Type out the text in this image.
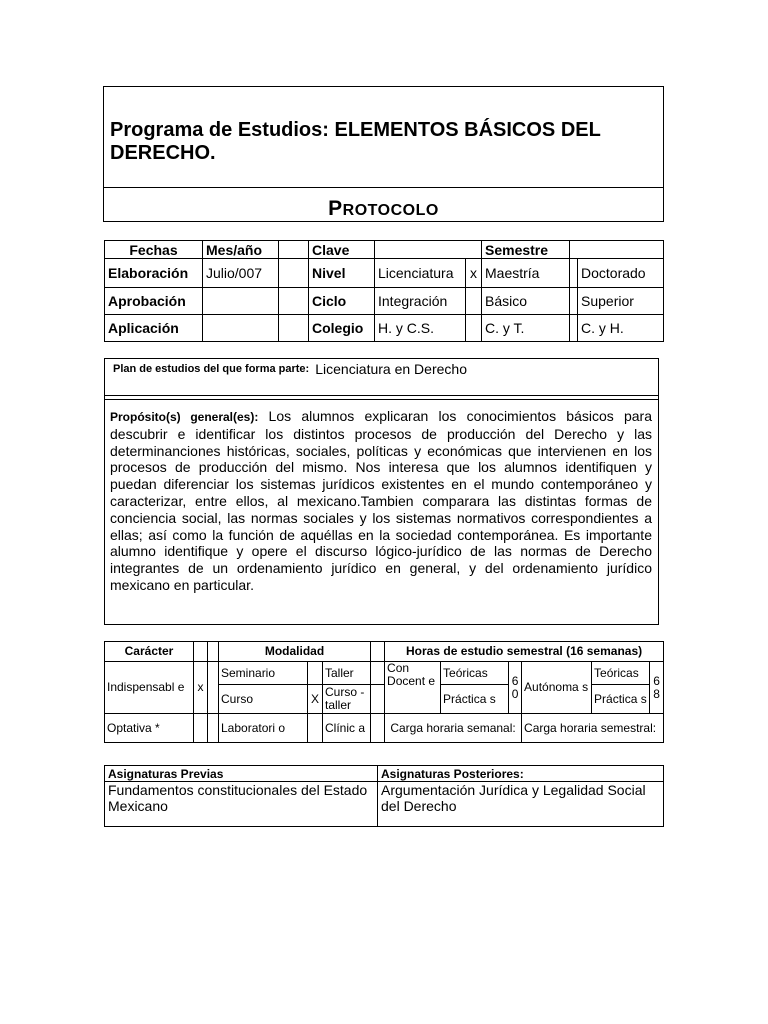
Programa de Estudios: ELEMENTOS BÁSICOS DEL DERECHO.
PROTOCOLO
Fechas	Mes/año		Clave			Semestre		
Elaboración	Julio/007		Nivel	Licenciatura	x	Maestría		Doctorado
Aprobación			Ciclo	Integración		Básico		Superior
Aplicación			Colegio	H. y C.S.		C. y T.		C. y H.
Plan de estudios del que forma parte: Licenciatura en Derecho
Propósito(s) general(es): Los alumnos explicaran los conocimientos básicos para descubrir e identificar los distintos procesos de producción del Derecho y las determinanciones históricas, sociales, políticas y económicas que intervienen en los procesos de producción del mismo. Nos interesa que los alumnos identifiquen y puedan diferenciar los sistemas jurídicos existentes en el mundo contemporáneo y caracterizar, entre ellos, al mexicano.Tambien comparara las distintas formas de conciencia social, las normas sociales y los sistemas normativos correspondientes a ellas; así como la función de aquéllas en la sociedad contemporánea. Es importante alumno identifique y opere el discurso lógico-jurídico de las normas de Derecho integrantes de un ordenamiento jurídico en general, y del ordenamiento jurídico mexicano en particular.
Carácter			Modalidad				Horas de estudio semestral (16 semanas)					
Indispensabl e	x		Seminario		Taller		Con Docent e	Teóricas	6 0	Autónoma s	Teóricas	6 8
			Curso	X	Curso -taller			Práctica s			Práctica s	
Optativa *			Laboratori o		Clínic a		Carga horaria semanal:			Carga horaria semestral:		
Asignaturas Previas	Asignaturas Posteriores:
Fundamentos constitucionales del Estado Mexicano	Argumentación Jurídica y Legalidad Social del Derecho
